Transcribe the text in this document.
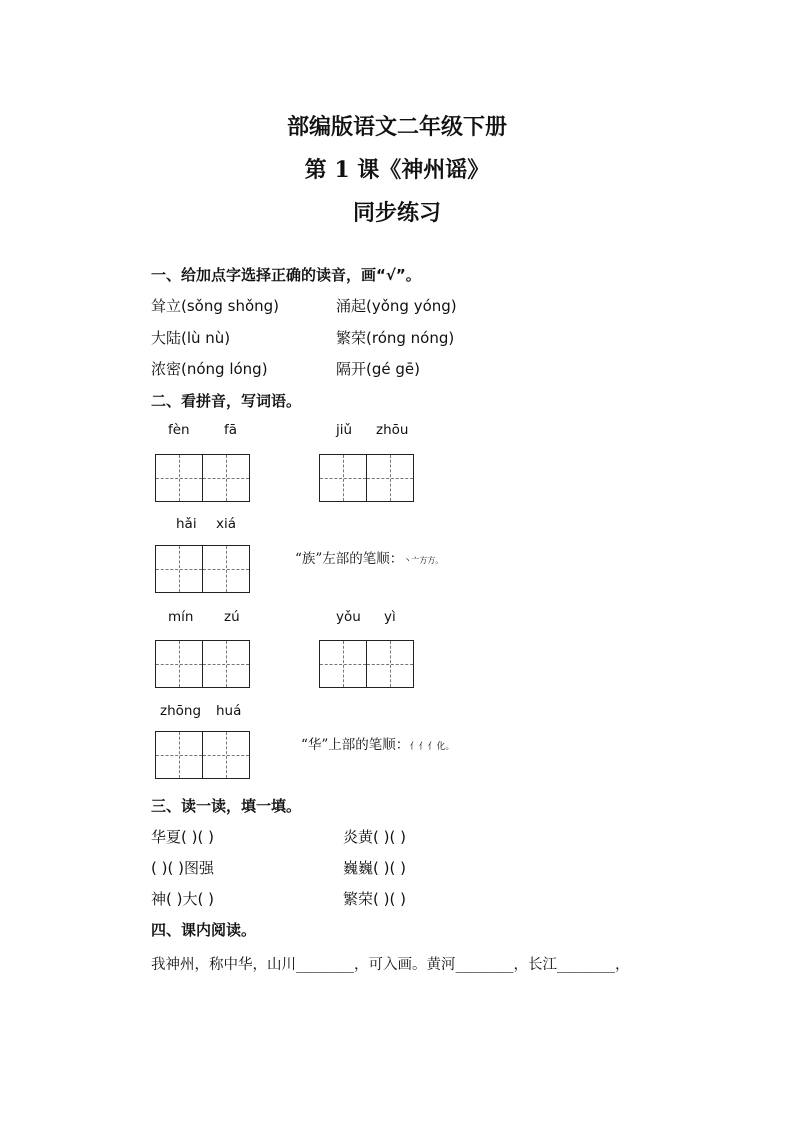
部编版语文二年级下册
第 1 课《神州谣》
同步练习
一、给加点字选择正确的读音，画“√”。
耸立(sǒng shǒng)	涌起(yǒng yóng)
大陆(lù nù)	繁荣(róng nóng)
浓密(nóng lóng)	隔开(gé gē)
二、看拼音，写词语。
fèn	fā	jiǔ zhōu
hǎi xiá
“族”左部的笔顺：丶亠方方。
mín zú	yǒu yì
zhōng huá
“华”上部的笔顺：亻亻亻化。
三、读一读，填一填。
华夏( )( )	炎黄( )( )
( )( )图强	巍巍( )( )
神( )大( )	繁荣( )( )
四、课内阅读。
我神州，称中华，山川________，可入画。黄河________，长江________，
